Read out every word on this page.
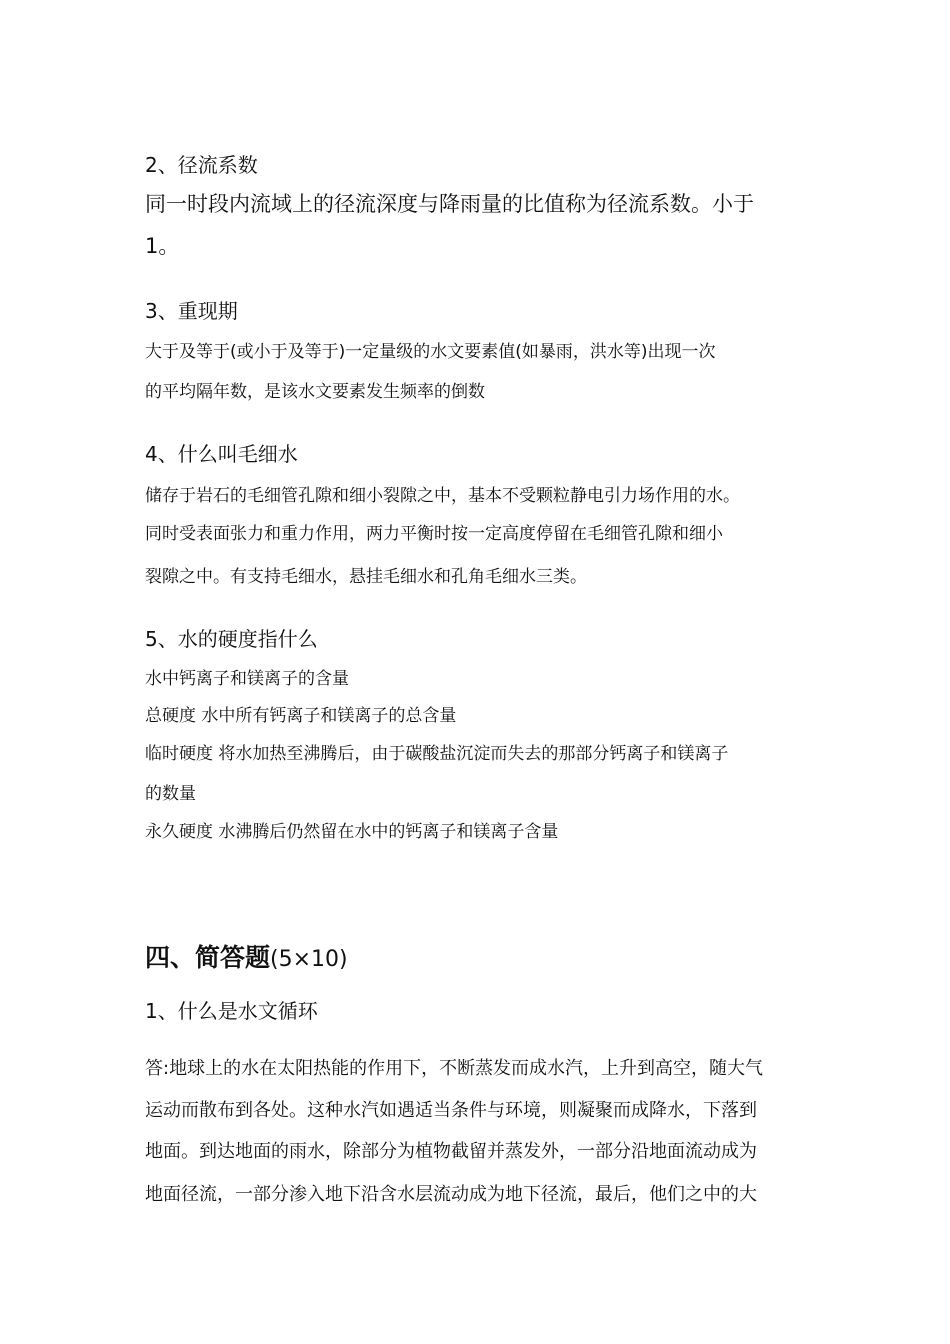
2、径流系数

同一时段内流域上的径流深度与降雨量的比值称为径流系数。小于

1。

3、重现期

大于及等于(或小于及等于)一定量级的水文要素值(如暴雨，洪水等)出现一次

的平均隔年数，是该水文要素发生频率的倒数

4、什么叫毛细水

储存于岩石的毛细管孔隙和细小裂隙之中，基本不受颗粒静电引力场作用的水。

同时受表面张力和重力作用，两力平衡时按一定高度停留在毛细管孔隙和细小

裂隙之中。有支持毛细水，悬挂毛细水和孔角毛细水三类。

5、水的硬度指什么

水中钙离子和镁离子的含量

总硬度 水中所有钙离子和镁离子的总含量

临时硬度 将水加热至沸腾后，由于碳酸盐沉淀而失去的那部分钙离子和镁离子

的数量

永久硬度 水沸腾后仍然留在水中的钙离子和镁离子含量

四、简答题(5×10)

1、什么是水文循环

答:地球上的水在太阳热能的作用下，不断蒸发而成水汽，上升到高空，随大气

运动而散布到各处。这种水汽如遇适当条件与环境，则凝聚而成降水，下落到

地面。到达地面的雨水，除部分为植物截留并蒸发外，一部分沿地面流动成为

地面径流，一部分渗入地下沿含水层流动成为地下径流，最后，他们之中的大
